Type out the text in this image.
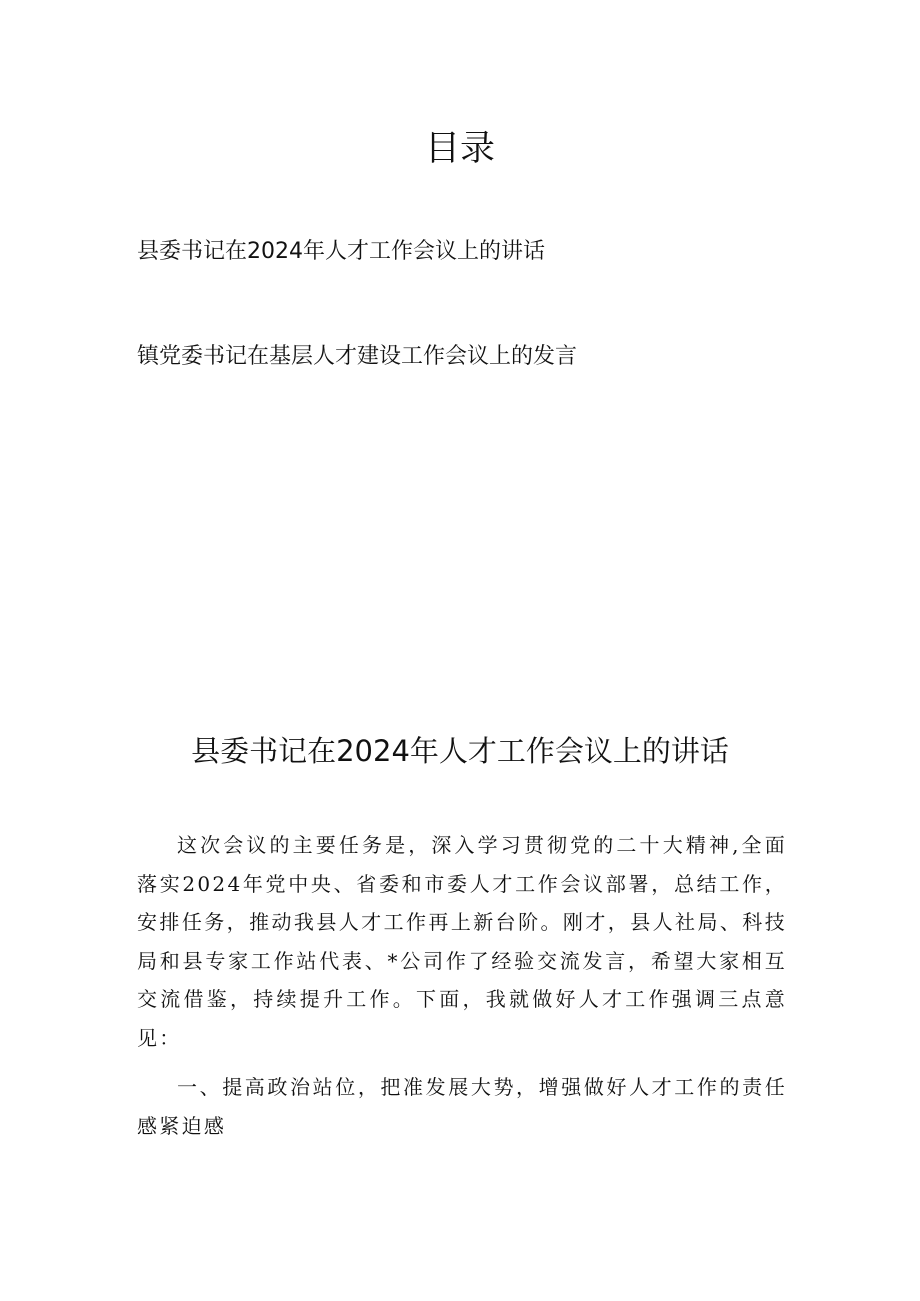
目录
县委书记在2024年人才工作会议上的讲话
镇党委书记在基层人才建设工作会议上的发言
县委书记在2024年人才工作会议上的讲话

这次会议的主要任务是，深入学习贯彻党的二十大精神,全面落实2024年党中央、省委和市委人才工作会议部署，总结工作，安排任务，推动我县人才工作再上新台阶。刚才，县人社局、科技局和县专家工作站代表、*公司作了经验交流发言，希望大家相互交流借鉴，持续提升工作。下面，我就做好人才工作强调三点意见：

一、提高政治站位，把准发展大势，增强做好人才工作的责任感紧迫感
